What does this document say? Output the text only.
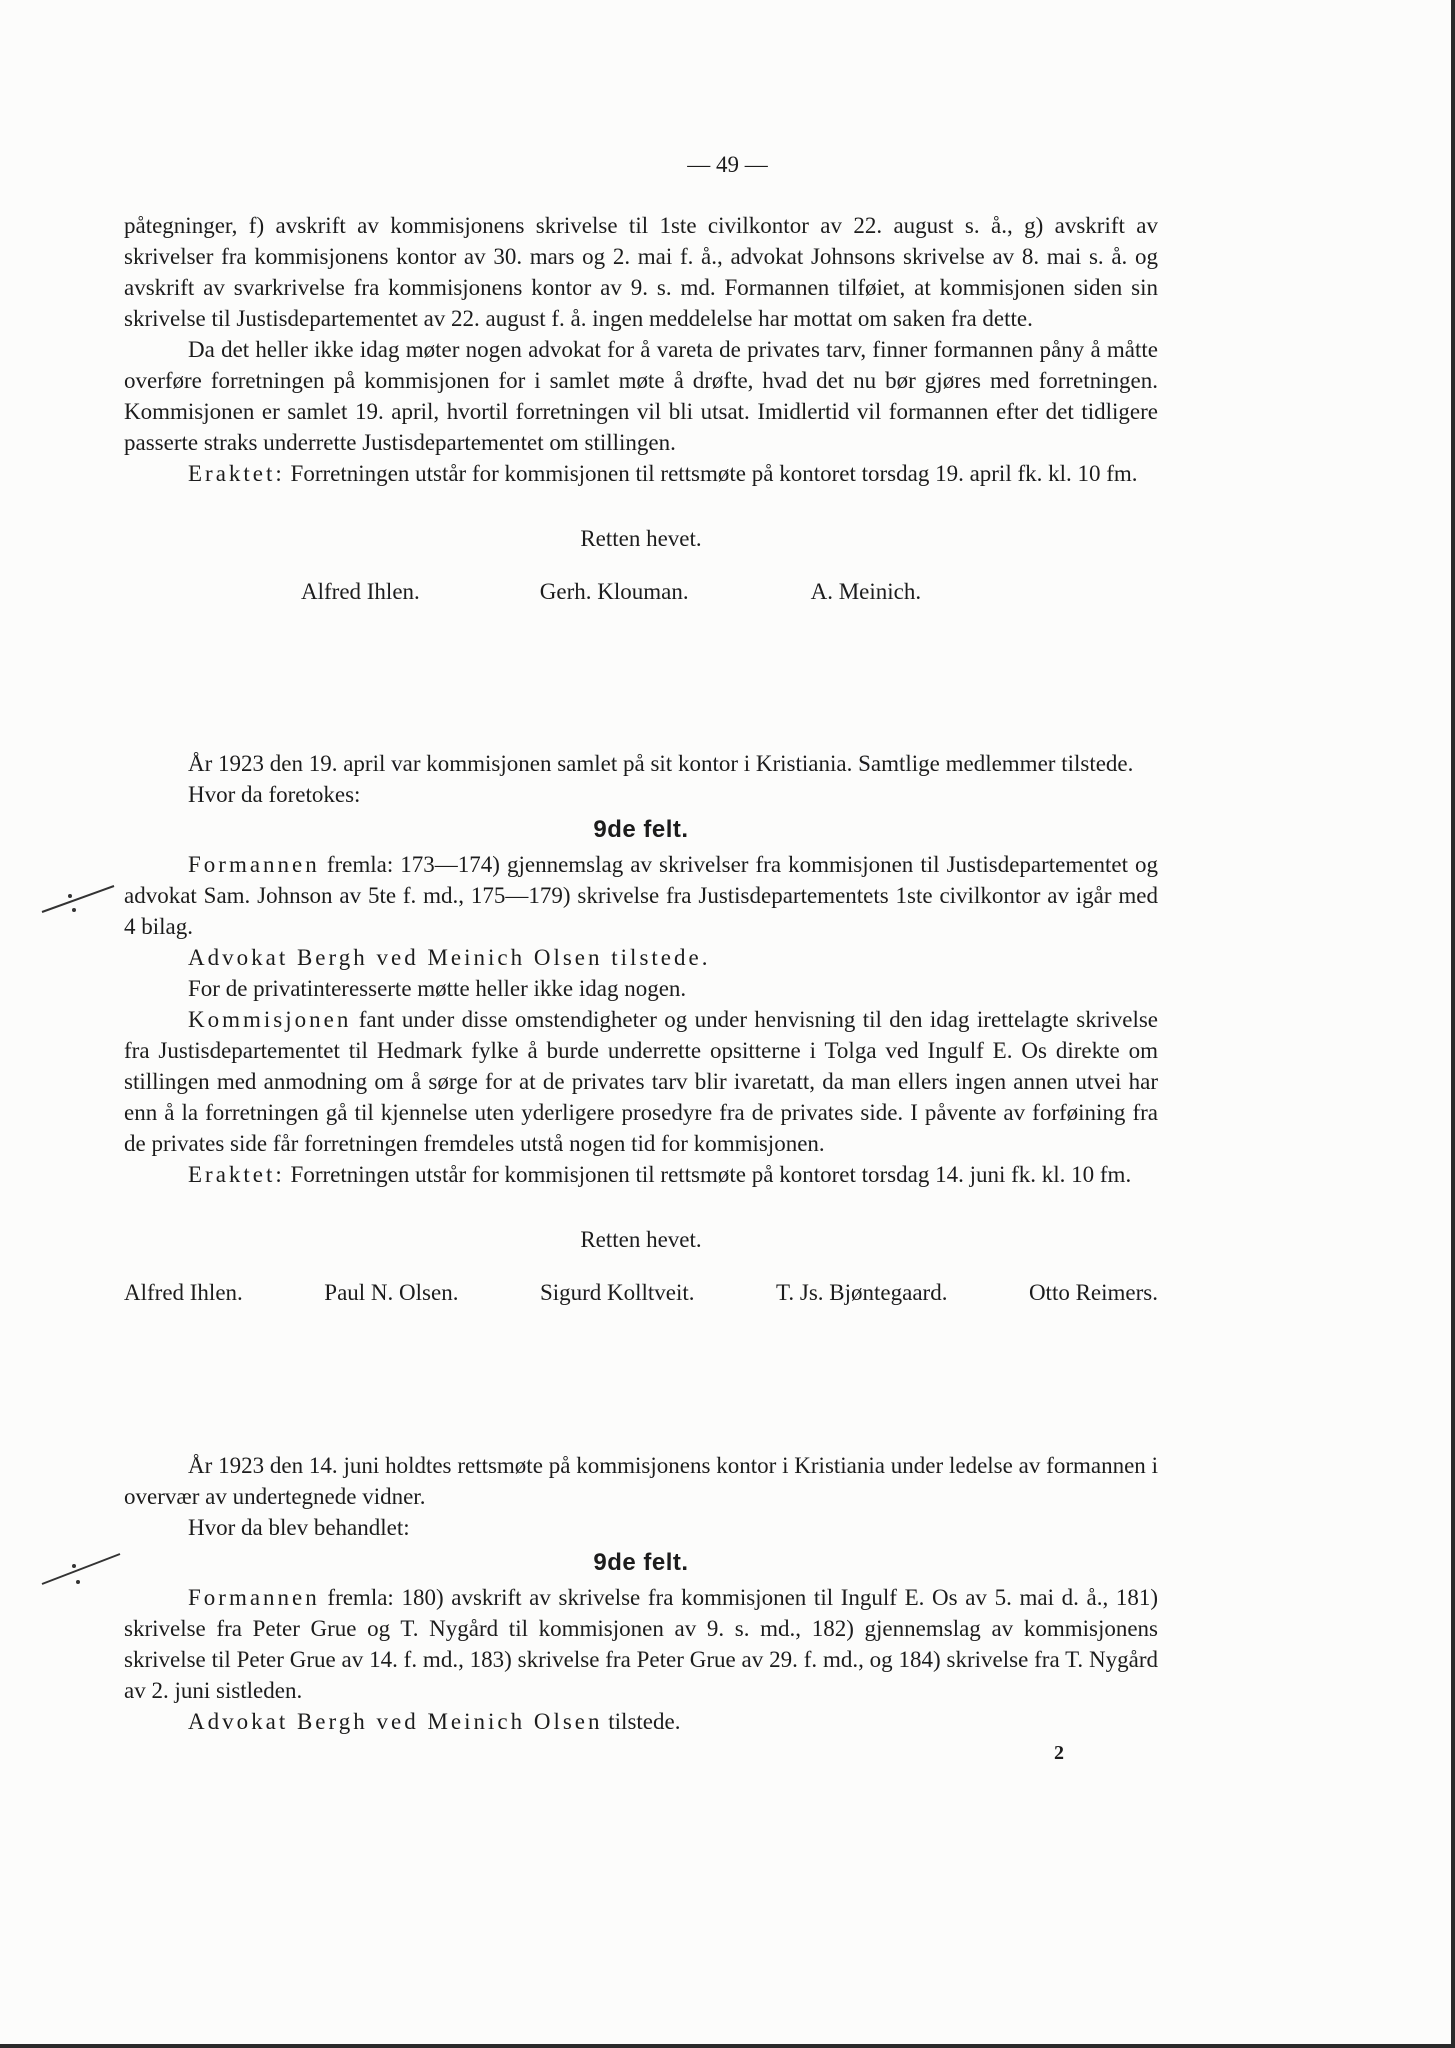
— 49 —

påtegninger, f) avskrift av kommisjonens skrivelse til 1ste civilkontor av 22. august s. å., g) avskrift av skrivelser fra kommisjonens kontor av 30. mars og 2. mai f. å., advokat Johnsons skrivelse av 8. mai s. å. og avskrift av svarkrivelse fra kommisjonens kontor av 9. s. md. Formannen tilføiet, at kommisjonen siden sin skrivelse til Justisdepartementet av 22. august f. å. ingen meddelelse har mottat om saken fra dette.

Da det heller ikke idag møter nogen advokat for å vareta de privates tarv, finner formannen påny å måtte overføre forretningen på kommisjonen for i samlet møte å drøfte, hvad det nu bør gjøres med forretningen. Kommisjonen er samlet 19. april, hvortil forretningen vil bli utsat. Imidlertid vil formannen efter det tidligere passerte straks underrette Justisdepartementet om stillingen.

Eraktet: Forretningen utstår for kommisjonen til rettsmøte på kontoret torsdag 19. april fk. kl. 10 fm.

Retten hevet.

Alfred Ihlen.	Gerh. Klouman.	A. Meinich.

År 1923 den 19. april var kommisjonen samlet på sit kontor i Kristiania. Samtlige medlemmer tilstede.

Hvor da foretokes:

9de felt.

Formannen fremla: 173—174) gjennemslag av skrivelser fra kommisjonen til Justisdepartementet og advokat Sam. Johnson av 5te f. md., 175—179) skrivelse fra Justisdepartementets 1ste civilkontor av igår med 4 bilag.

Advokat Bergh ved Meinich Olsen tilstede.

For de privatinteresserte møtte heller ikke idag nogen.

Kommisjonen fant under disse omstendigheter og under henvisning til den idag irettelagte skrivelse fra Justisdepartementet til Hedmark fylke å burde underrette opsitterne i Tolga ved Ingulf E. Os direkte om stillingen med anmodning om å sørge for at de privates tarv blir ivaretatt, da man ellers ingen annen utvei har enn å la forretningen gå til kjennelse uten yderligere prosedyre fra de privates side. I påvente av forføining fra de privates side får forretningen fremdeles utstå nogen tid for kommisjonen.

Eraktet: Forretningen utstår for kommisjonen til rettsmøte på kontoret torsdag 14. juni fk. kl. 10 fm.

Retten hevet.

Alfred Ihlen.	Paul N. Olsen.	Sigurd Kolltveit.	T. Js. Bjøntegaard.	Otto Reimers.

År 1923 den 14. juni holdtes rettsmøte på kommisjonens kontor i Kristiania under ledelse av formannen i overvær av undertegnede vidner.

Hvor da blev behandlet:

9de felt.

Formannen fremla: 180) avskrift av skrivelse fra kommisjonen til Ingulf E. Os av 5. mai d. å., 181) skrivelse fra Peter Grue og T. Nygård til kommisjonen av 9. s. md., 182) gjennemslag av kommisjonens skrivelse til Peter Grue av 14. f. md., 183) skrivelse fra Peter Grue av 29. f. md., og 184) skrivelse fra T. Nygård av 2. juni sistleden.

Advokat Bergh ved Meinich Olsen tilstede.

2
